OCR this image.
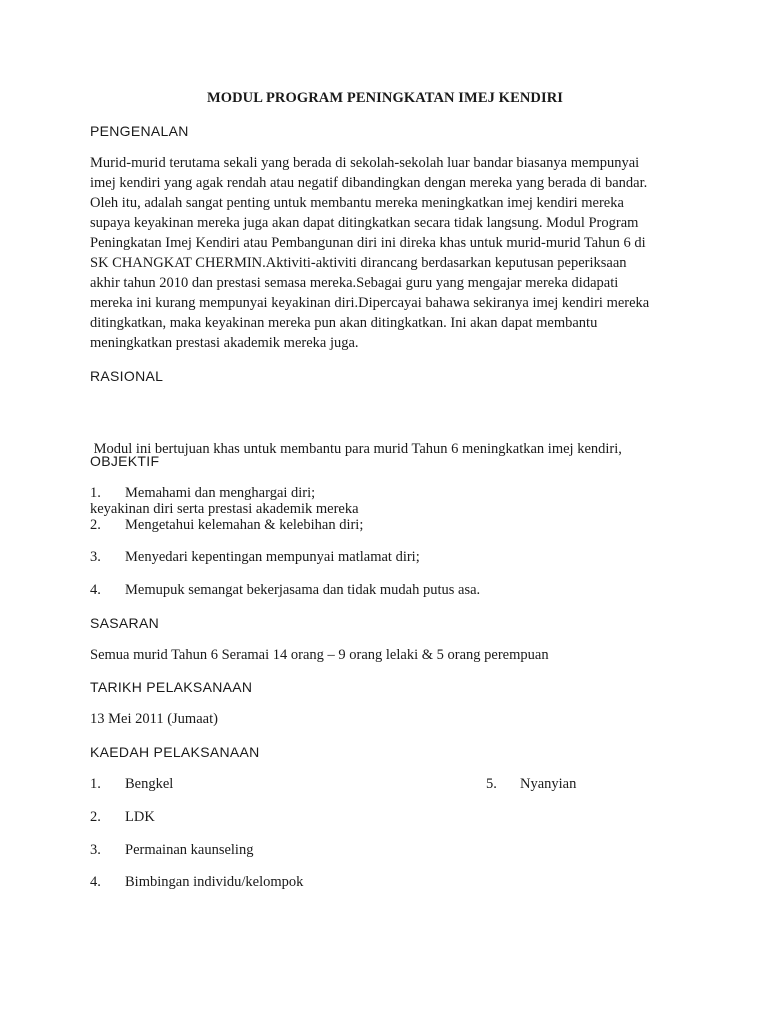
MODUL PROGRAM PENINGKATAN IMEJ KENDIRI
PENGENALAN

Murid-murid terutama sekali yang berada di sekolah-sekolah luar bandar biasanya mempunyai
imej kendiri yang agak rendah atau negatif dibandingkan dengan mereka yang berada di bandar.
Oleh itu, adalah sangat penting untuk membantu mereka meningkatkan imej kendiri mereka
supaya keyakinan mereka juga akan dapat ditingkatkan secara tidak langsung. Modul Program
Peningkatan Imej Kendiri atau Pembangunan diri ini direka khas untuk murid-murid Tahun 6 di
SK CHANGKAT CHERMIN.Aktiviti-aktiviti dirancang berdasarkan keputusan peperiksaan
akhir tahun 2010 dan prestasi semasa mereka.Sebagai guru yang mengajar mereka didapati
mereka ini kurang mempunyai keyakinan diri.Dipercayai bahawa sekiranya imej kendiri mereka
ditingkatkan, maka keyakinan mereka pun akan ditingkatkan. Ini akan dapat membantu
meningkatkan prestasi akademik mereka juga.

RASIONAL

Modul ini bertujuan khas untuk membantu para murid Tahun 6 meningkatkan imej kendiri,

keyakinan diri serta prestasi akademik mereka

OBJEKTIF
1. Memahami dan menghargai diri;
2. Mengetahui kelemahan & kelebihan diri;
3. Menyedari kepentingan mempunyai matlamat diri;
4. Memupuk semangat bekerjasama dan tidak mudah putus asa.
SASARAN
Semua murid Tahun 6 Seramai 14 orang – 9 orang lelaki & 5 orang perempuan
TARIKH PELAKSANAAN
13 Mei 2011 (Jumaat)
KAEDAH PELAKSANAAN
1. Bengkel	5. Nyanyian
2. LDK
3. Permainan kaunseling
4. Bimbingan individu/kelompok
